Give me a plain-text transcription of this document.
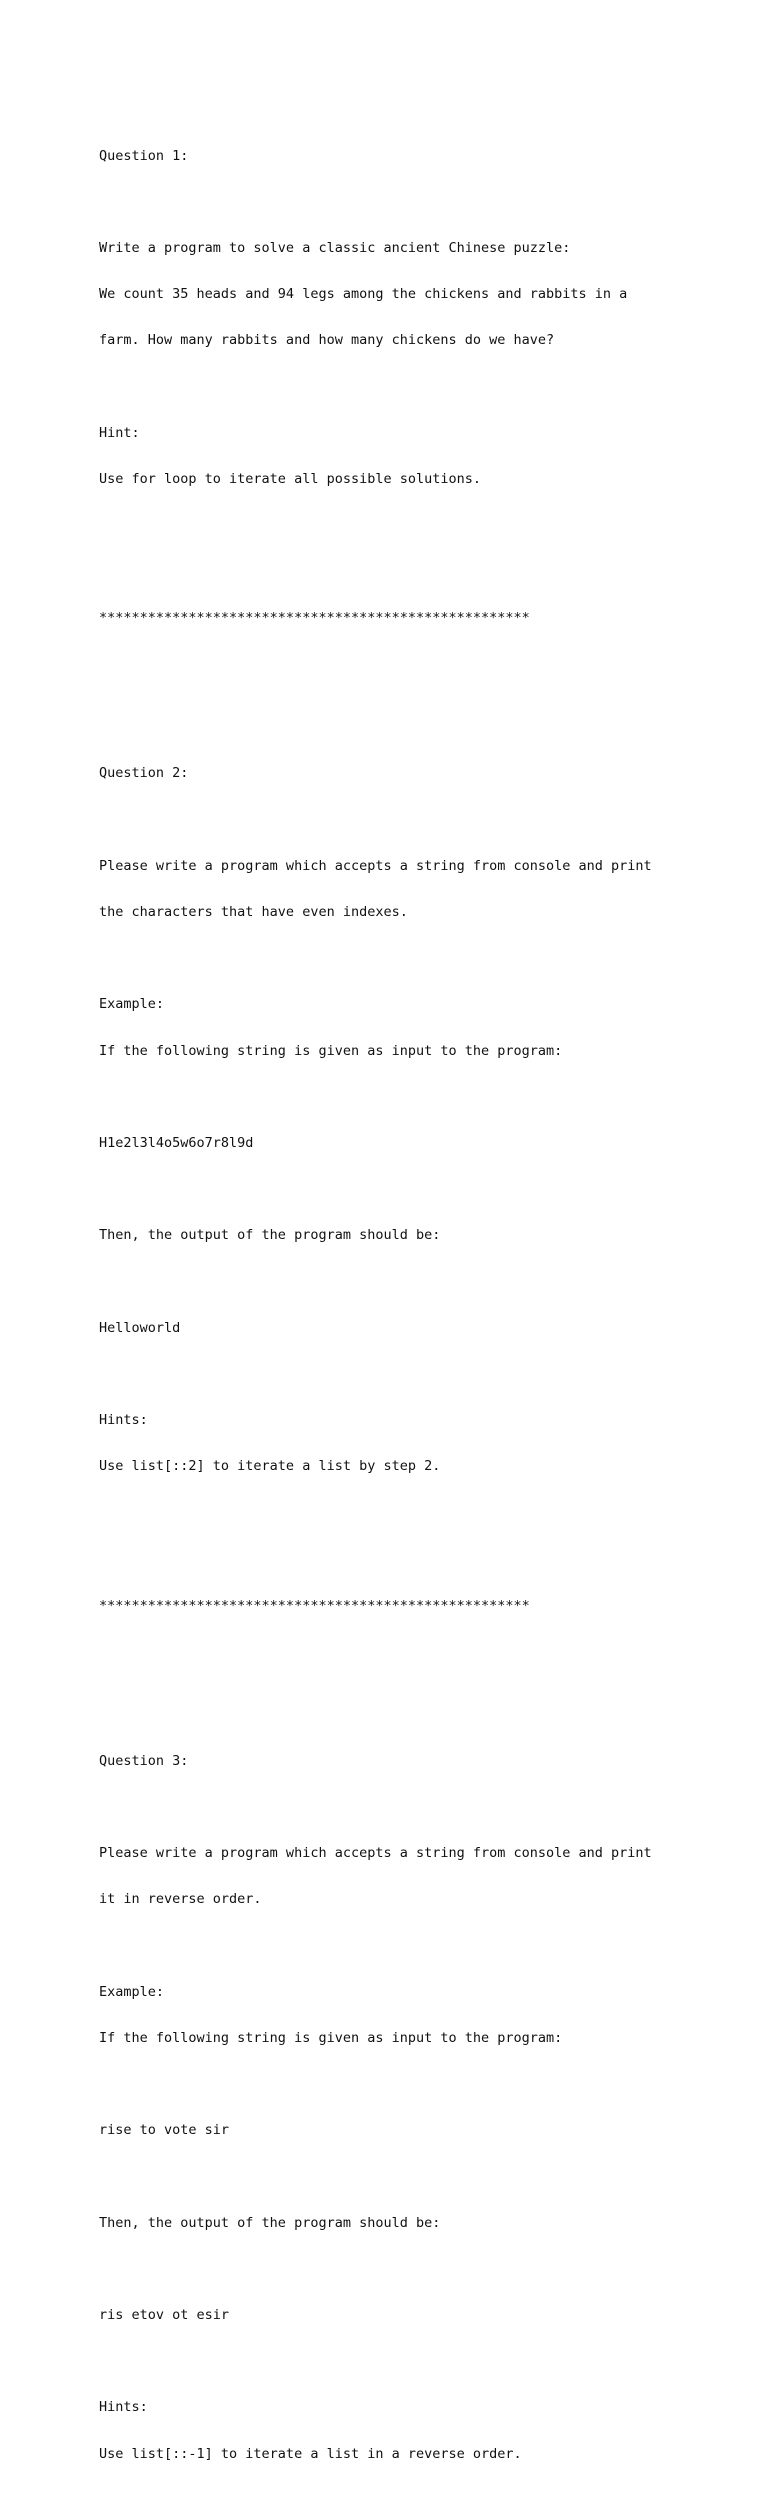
Question 1:

Write a program to solve a classic ancient Chinese puzzle:

We count 35 heads and 94 legs among the chickens and rabbits in a

farm. How many rabbits and how many chickens do we have?

Hint:

Use for loop to iterate all possible solutions.

*****************************************************

Question 2:

Please write a program which accepts a string from console and print

the characters that have even indexes.

Example:

If the following string is given as input to the program:

H1e2l3l4o5w6o7r8l9d

Then, the output of the program should be:

Helloworld

Hints:

Use list[::2] to iterate a list by step 2.

*****************************************************

Question 3:

Please write a program which accepts a string from console and print

it in reverse order.

Example:

If the following string is given as input to the program:

rise to vote sir

Then, the output of the program should be:

ris etov ot esir

Hints:

Use list[::-1] to iterate a list in a reverse order.
